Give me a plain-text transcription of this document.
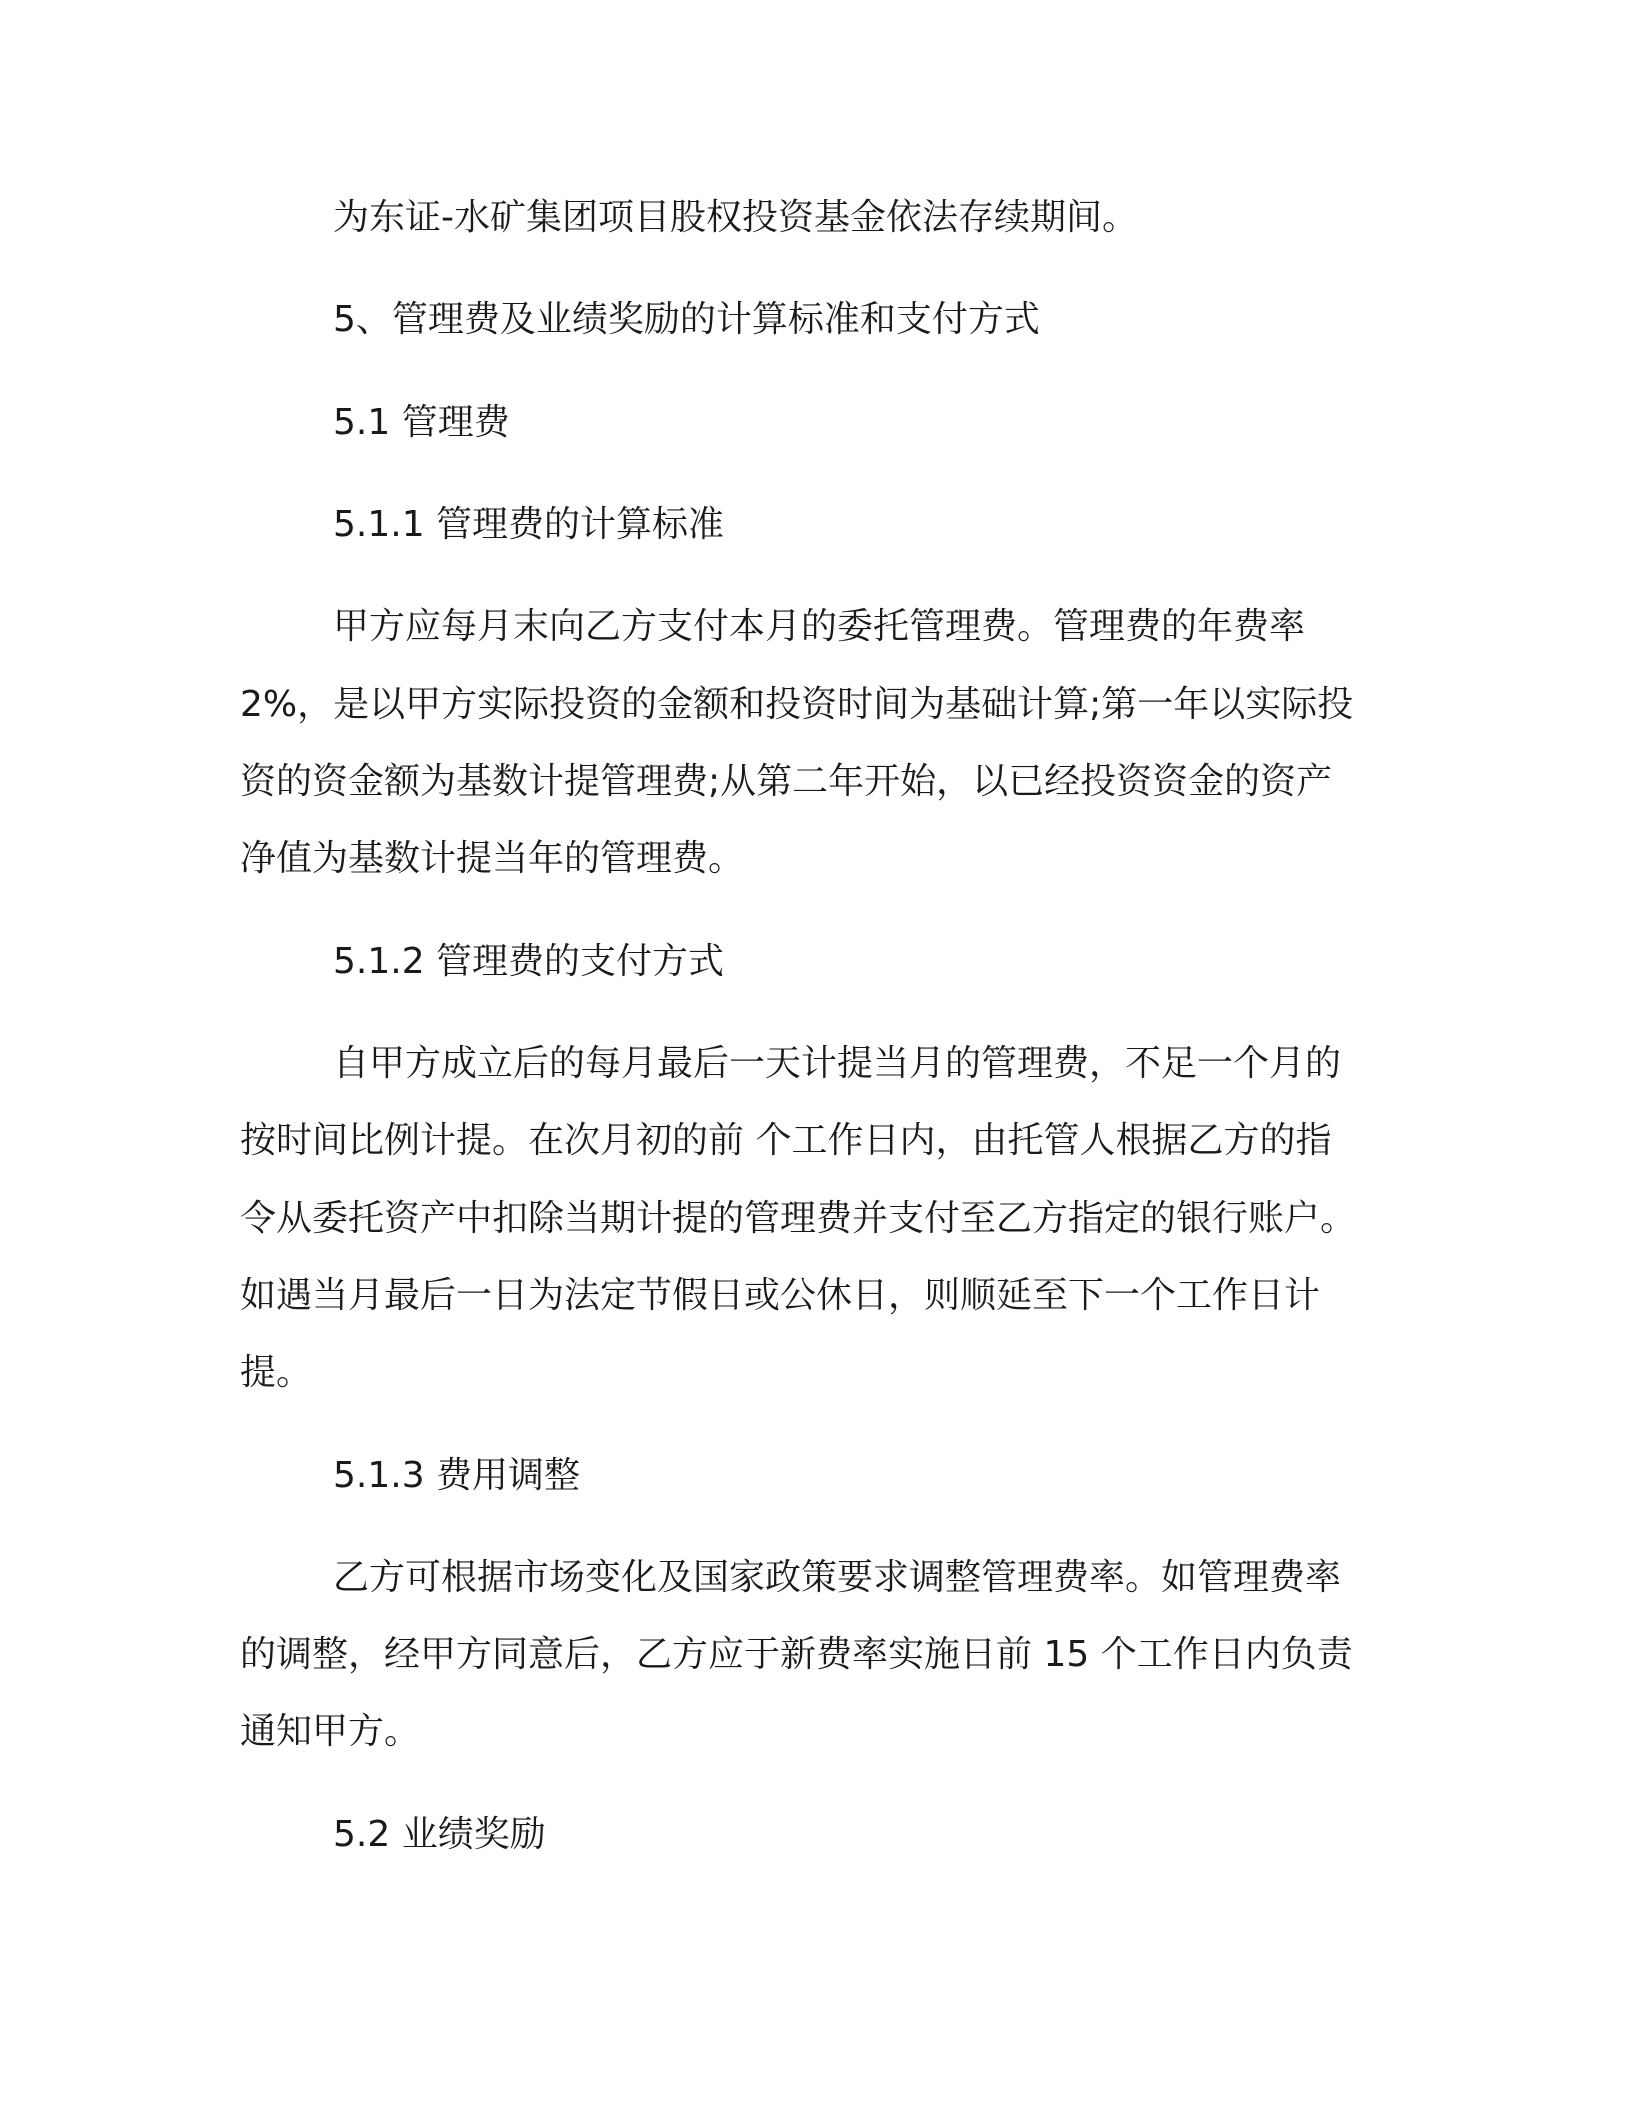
为东证-水矿集团项目股权投资基金依法存续期间。

5、管理费及业绩奖励的计算标准和支付方式

5.1 管理费

5.1.1 管理费的计算标准

甲方应每月末向乙方支付本月的委托管理费。管理费的年费率

2%，是以甲方实际投资的金额和投资时间为基础计算;第一年以实际投

资的资金额为基数计提管理费;从第二年开始，以已经投资资金的资产

净值为基数计提当年的管理费。

5.1.2 管理费的支付方式

自甲方成立后的每月最后一天计提当月的管理费，不足一个月的

按时间比例计提。在次月初的前 个工作日内，由托管人根据乙方的指

令从委托资产中扣除当期计提的管理费并支付至乙方指定的银行账户。

如遇当月最后一日为法定节假日或公休日，则顺延至下一个工作日计

提。

5.1.3 费用调整

乙方可根据市场变化及国家政策要求调整管理费率。如管理费率

的调整，经甲方同意后，乙方应于新费率实施日前 15 个工作日内负责

通知甲方。

5.2 业绩奖励
